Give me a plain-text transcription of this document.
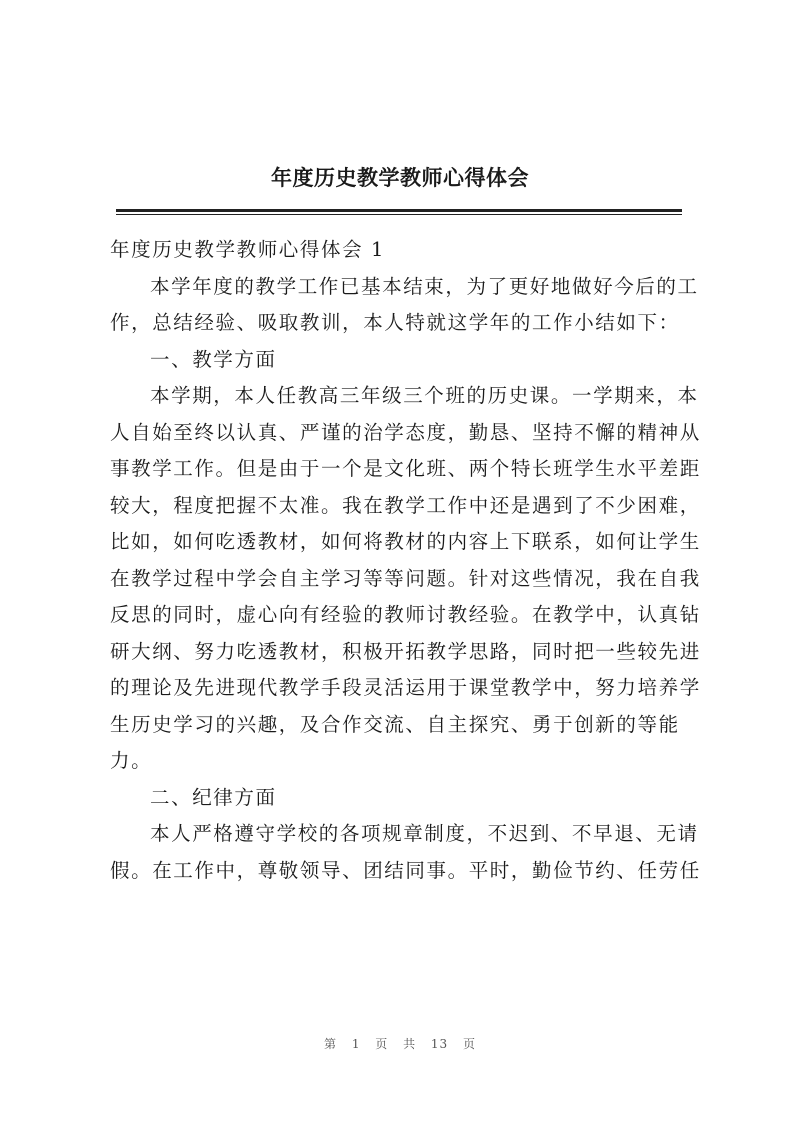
年度历史教学教师心得体会
年度历史教学教师心得体会 1
本学年度的教学工作已基本结束，为了更好地做好今后的工
作，总结经验、吸取教训，本人特就这学年的工作小结如下：
一、教学方面
本学期，本人任教高三年级三个班的历史课。一学期来，本
人自始至终以认真、严谨的治学态度，勤恳、坚持不懈的精神从
事教学工作。但是由于一个是文化班、两个特长班学生水平差距
较大，程度把握不太准。我在教学工作中还是遇到了不少困难，
比如，如何吃透教材，如何将教材的内容上下联系，如何让学生
在教学过程中学会自主学习等等问题。针对这些情况，我在自我
反思的同时，虚心向有经验的教师讨教经验。在教学中，认真钻
研大纲、努力吃透教材，积极开拓教学思路，同时把一些较先进
的理论及先进现代教学手段灵活运用于课堂教学中，努力培养学
生历史学习的兴趣，及合作交流、自主探究、勇于创新的等能
力。
二、纪律方面
本人严格遵守学校的各项规章制度，不迟到、不早退、无请
假。在工作中，尊敬领导、团结同事。平时，勤俭节约、任劳任
第 1 页 共 13 页
